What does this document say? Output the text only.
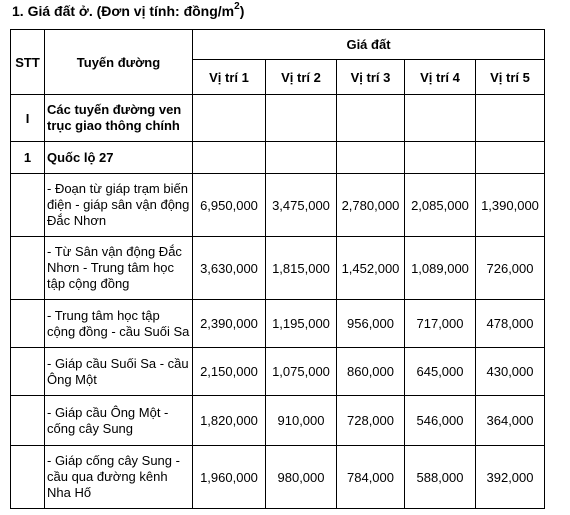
1. Giá đất ở. (Đơn vị tính: đồng/$m^2$)
STT	Tuyến đường	Giá đất				
		Vị trí 1	Vị trí 2	Vị trí 3	Vị trí 4	Vị trí 5
I	Các tuyến đường ven trục giao thông chính					
1	Quốc lộ 27					
	- Đoạn từ giáp trạm biến điện - giáp sân vận động Đắc Nhơn	6,950,000	3,475,000	2,780,000	2,085,000	1,390,000
	- Từ Sân vận động Đắc Nhơn - Trung tâm học tập cộng đồng	3,630,000	1,815,000	1,452,000	1,089,000	726,000
	- Trung tâm học tập cộng đồng - cầu Suối Sa	2,390,000	1,195,000	956,000	717,000	478,000
	- Giáp cầu Suối Sa - cầu Ông Một	2,150,000	1,075,000	860,000	645,000	430,000
	- Giáp cầu Ông Một - cống cây Sung	1,820,000	910,000	728,000	546,000	364,000
	- Giáp cống cây Sung - cầu qua đường kênh Nha Hố	1,960,000	980,000	784,000	588,000	392,000
